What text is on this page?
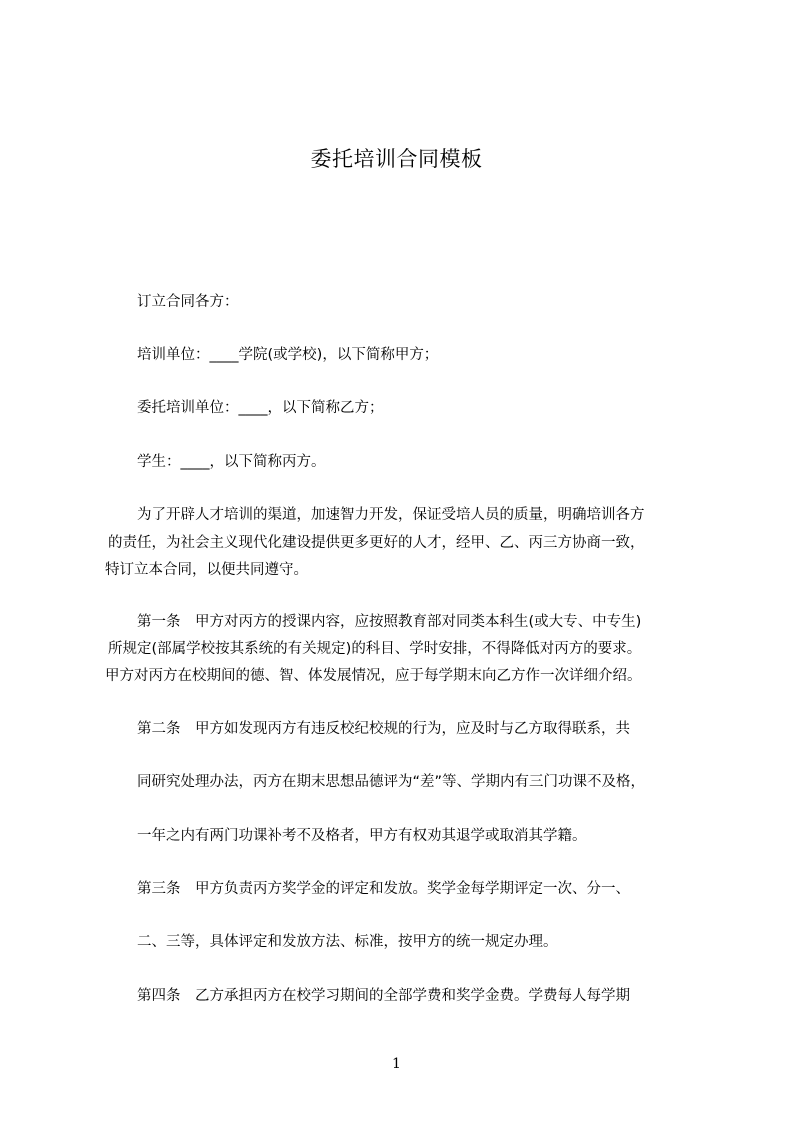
委托培训合同模板
订立合同各方：
培训单位：____学院(或学校)，以下简称甲方；
委托培训单位：____，以下简称乙方；
学生：____，以下简称丙方。
为了开辟人才培训的渠道，加速智力开发，保证受培人员的质量，明确培训各方
的责任，为社会主义现代化建设提供更多更好的人才，经甲、乙、丙三方协商一致，
特订立本合同，以便共同遵守。
第一条　甲方对丙方的授课内容，应按照教育部对同类本科生(或大专、中专生)
所规定(部属学校按其系统的有关规定)的科目、学时安排，不得降低对丙方的要求。
甲方对丙方在校期间的德、智、体发展情况，应于每学期末向乙方作一次详细介绍。
第二条　甲方如发现丙方有违反校纪校规的行为，应及时与乙方取得联系，共
同研究处理办法，丙方在期末思想品德评为“差”等、学期内有三门功课不及格，
一年之内有两门功课补考不及格者，甲方有权劝其退学或取消其学籍。
第三条　甲方负责丙方奖学金的评定和发放。奖学金每学期评定一次、分一、
二、三等，具体评定和发放方法、标准，按甲方的统一规定办理。
第四条　乙方承担丙方在校学习期间的全部学费和奖学金费。学费每人每学期
1
